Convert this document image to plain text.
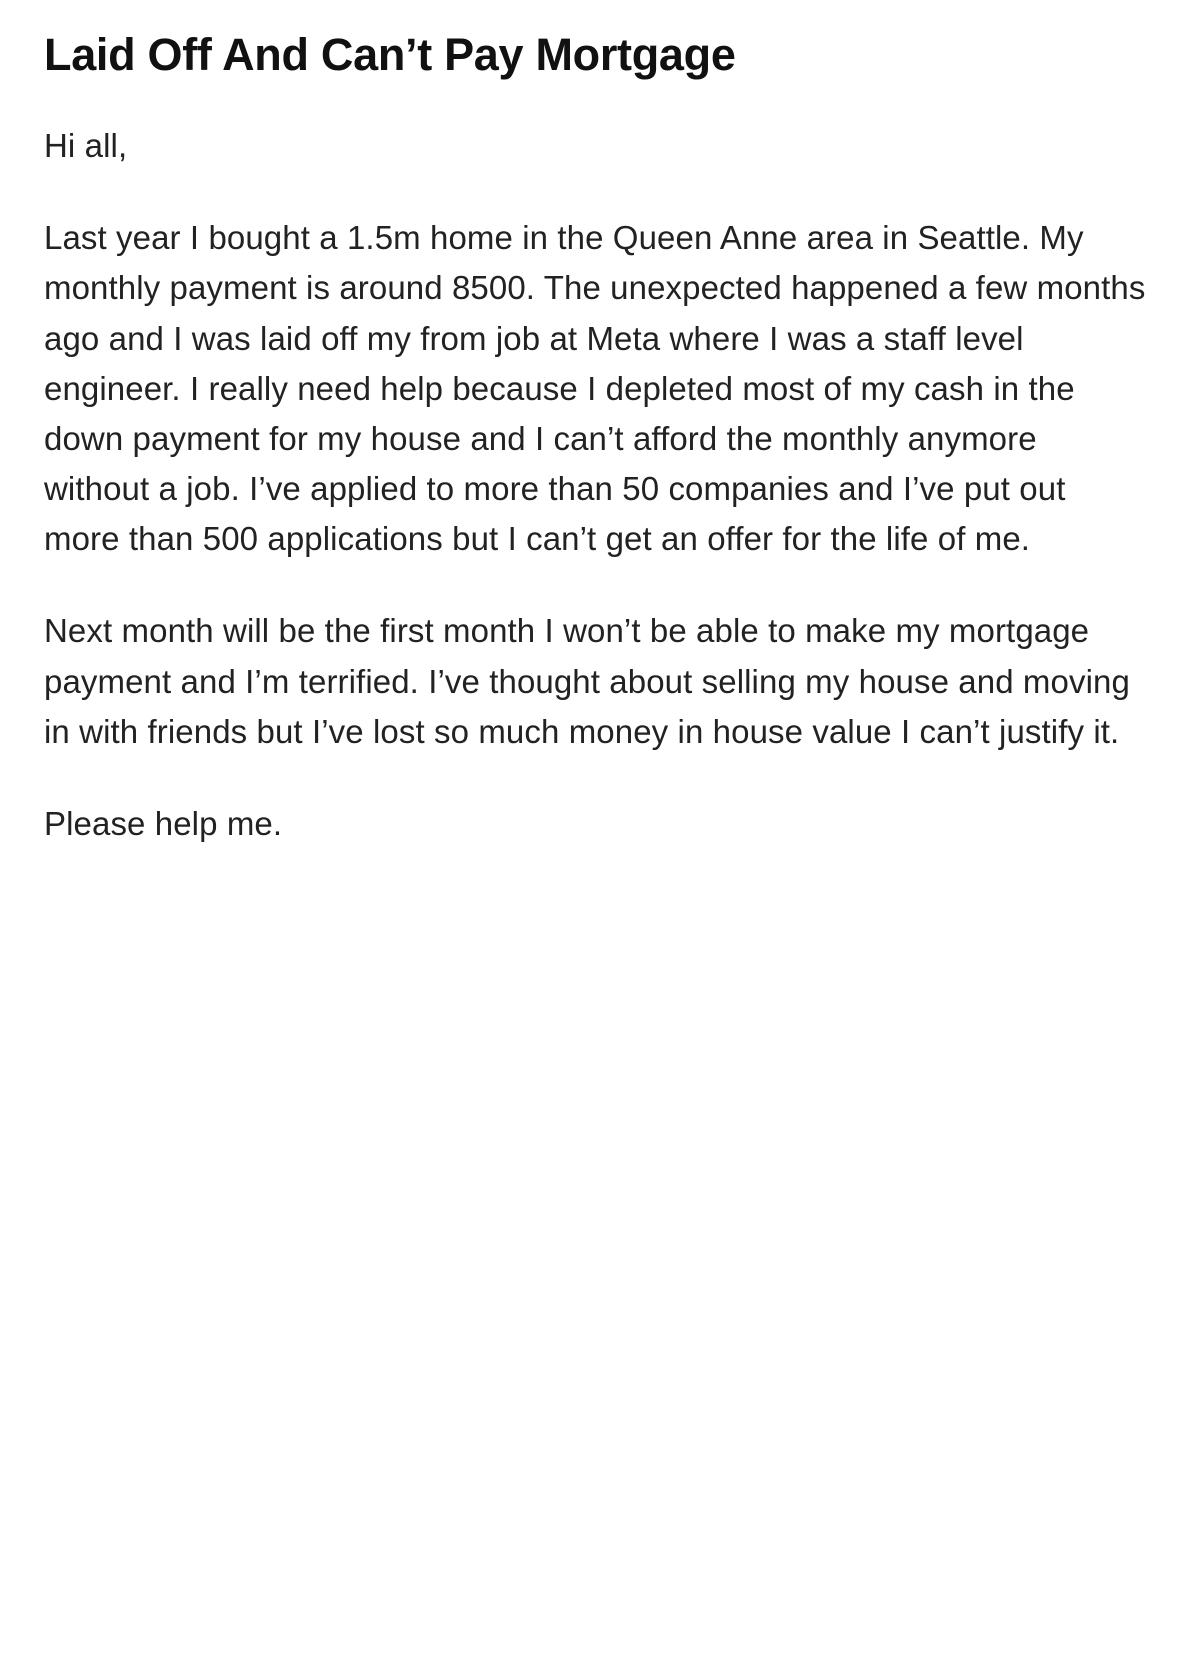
Laid Off And Can’t Pay Mortgage

Hi all,

Last year I bought a 1.5m home in the Queen Anne area in Seattle. My monthly payment is around 8500. The unexpected happened a few months ago and I was laid off my from job at Meta where I was a staff level engineer. I really need help because I depleted most of my cash in the down payment for my house and I can’t afford the monthly anymore without a job. I’ve applied to more than 50 companies and I’ve put out more than 500 applications but I can’t get an offer for the life of me.

Next month will be the first month I won’t be able to make my mortgage payment and I’m terrified. I’ve thought about selling my house and moving in with friends but I’ve lost so much money in house value I can’t justify it.

Please help me.
